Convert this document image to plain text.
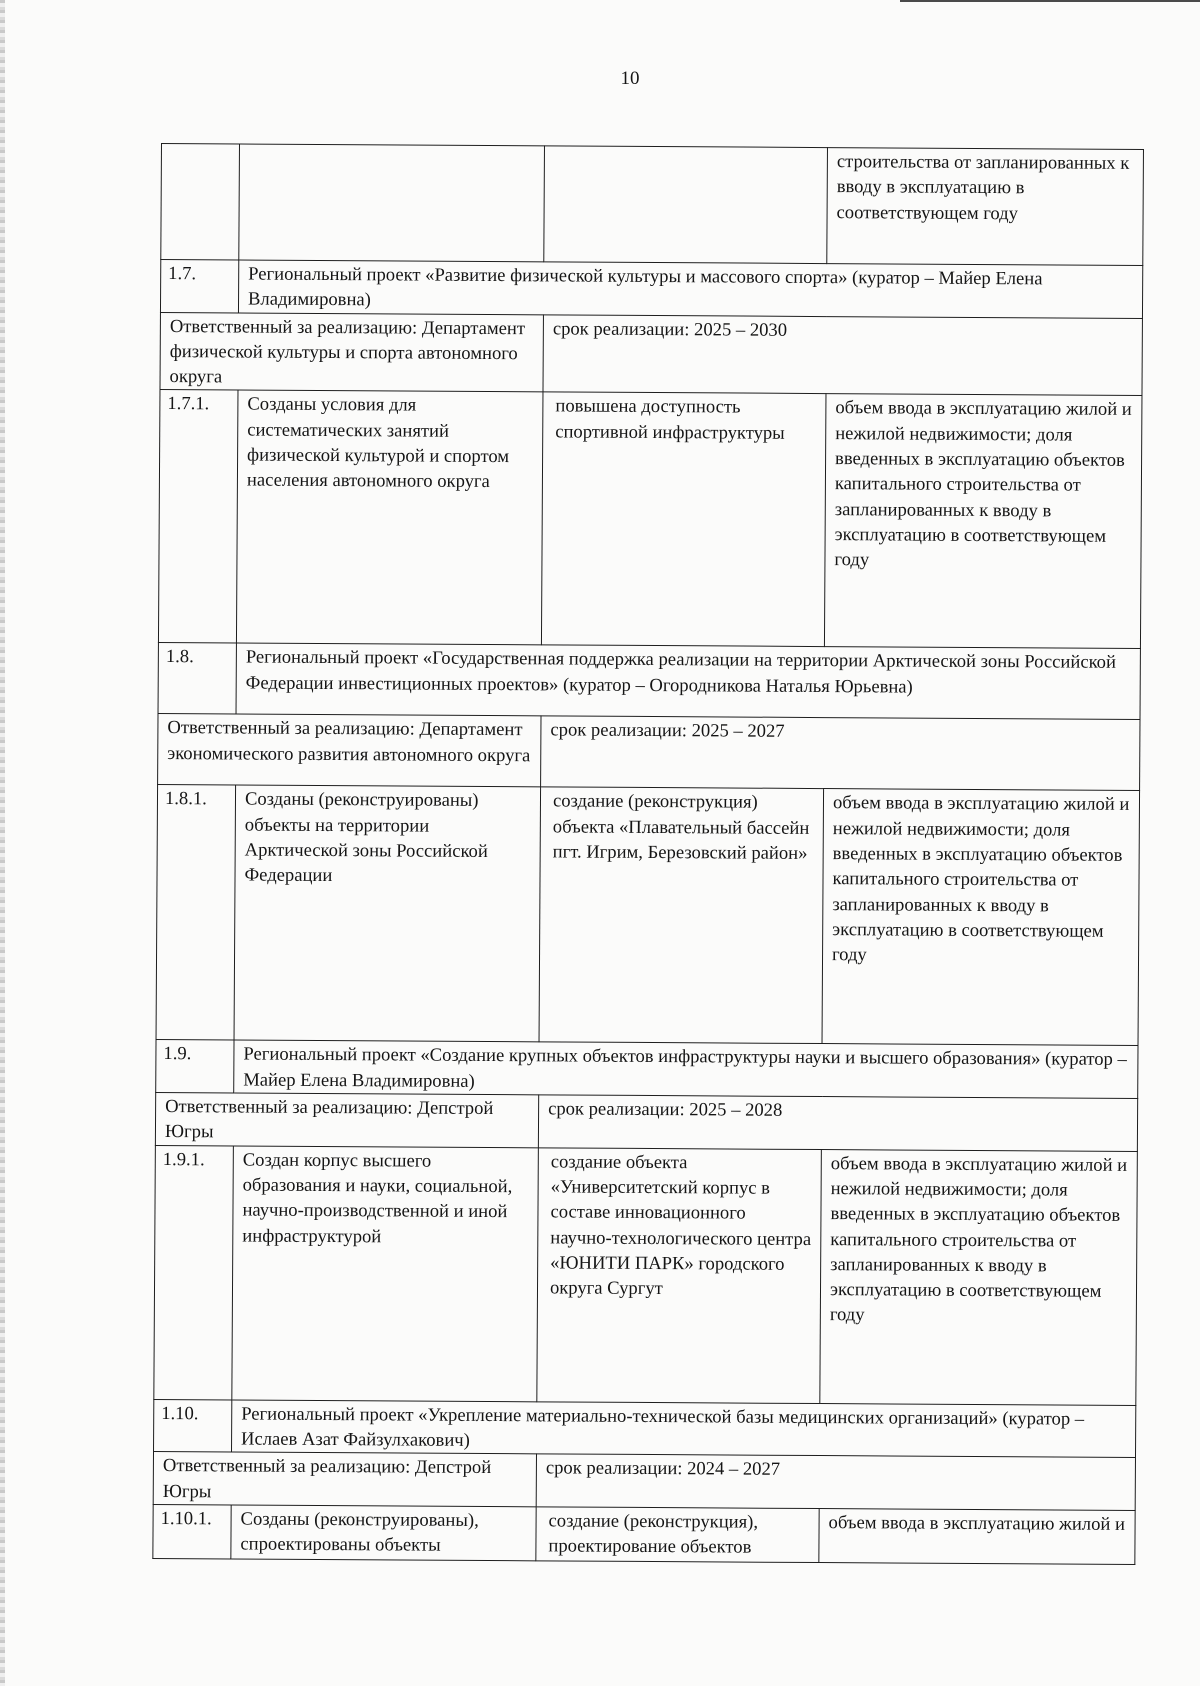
10
			строительства от запланированных к вводу в эксплуатацию в соответствующем году
1.7.	Региональный проект «Развитие физической культуры и массового спорта» (куратор – Майер Елена Владимировна)		
Ответственный за реализацию: Департамент физической культуры и спорта автономного округа		срок реализации: 2025 – 2030	
1.7.1.	Созданы условия для систематических занятий физической культурой и спортом населения автономного округа	повышена доступность спортивной инфраструктуры	объем ввода в эксплуатацию жилой и нежилой недвижимости; доля введенных в эксплуатацию объектов капитального строительства от запланированных к вводу в эксплуатацию в соответствующем году
1.8.	Региональный проект «Государственная поддержка реализации на территории Арктической зоны Российской Федерации инвестиционных проектов» (куратор – Огородникова Наталья Юрьевна)		
Ответственный за реализацию: Департамент экономического развития автономного округа		срок реализации: 2025 – 2027	
1.8.1.	Созданы (реконструированы) объекты на территории Арктической зоны Российской Федерации	создание (реконструкция) объекта «Плавательный бассейн пгт. Игрим, Березовский район»	объем ввода в эксплуатацию жилой и нежилой недвижимости; доля введенных в эксплуатацию объектов капитального строительства от запланированных к вводу в эксплуатацию в соответствующем году
1.9.	Региональный проект «Создание крупных объектов инфраструктуры науки и высшего образования» (куратор – Майер Елена Владимировна)		
Ответственный за реализацию: Депстрой Югры		срок реализации: 2025 – 2028	
1.9.1.	Создан корпус высшего образования и науки, социальной, научно-производственной и иной инфраструктурой	создание объекта «Университетский корпус в составе инновационного научно-технологического центра «ЮНИТИ ПАРК» городского округа Сургут	объем ввода в эксплуатацию жилой и нежилой недвижимости; доля введенных в эксплуатацию объектов капитального строительства от запланированных к вводу в эксплуатацию в соответствующем году
1.10.	Региональный проект «Укрепление материально-технической базы медицинских организаций» (куратор – Ислаев Азат Файзулхакович)		
Ответственный за реализацию: Депстрой Югры		срок реализации: 2024 – 2027	
1.10.1.	Созданы (реконструированы), спроектированы объекты	создание (реконструкция), проектирование объектов	объем ввода в эксплуатацию жилой и
